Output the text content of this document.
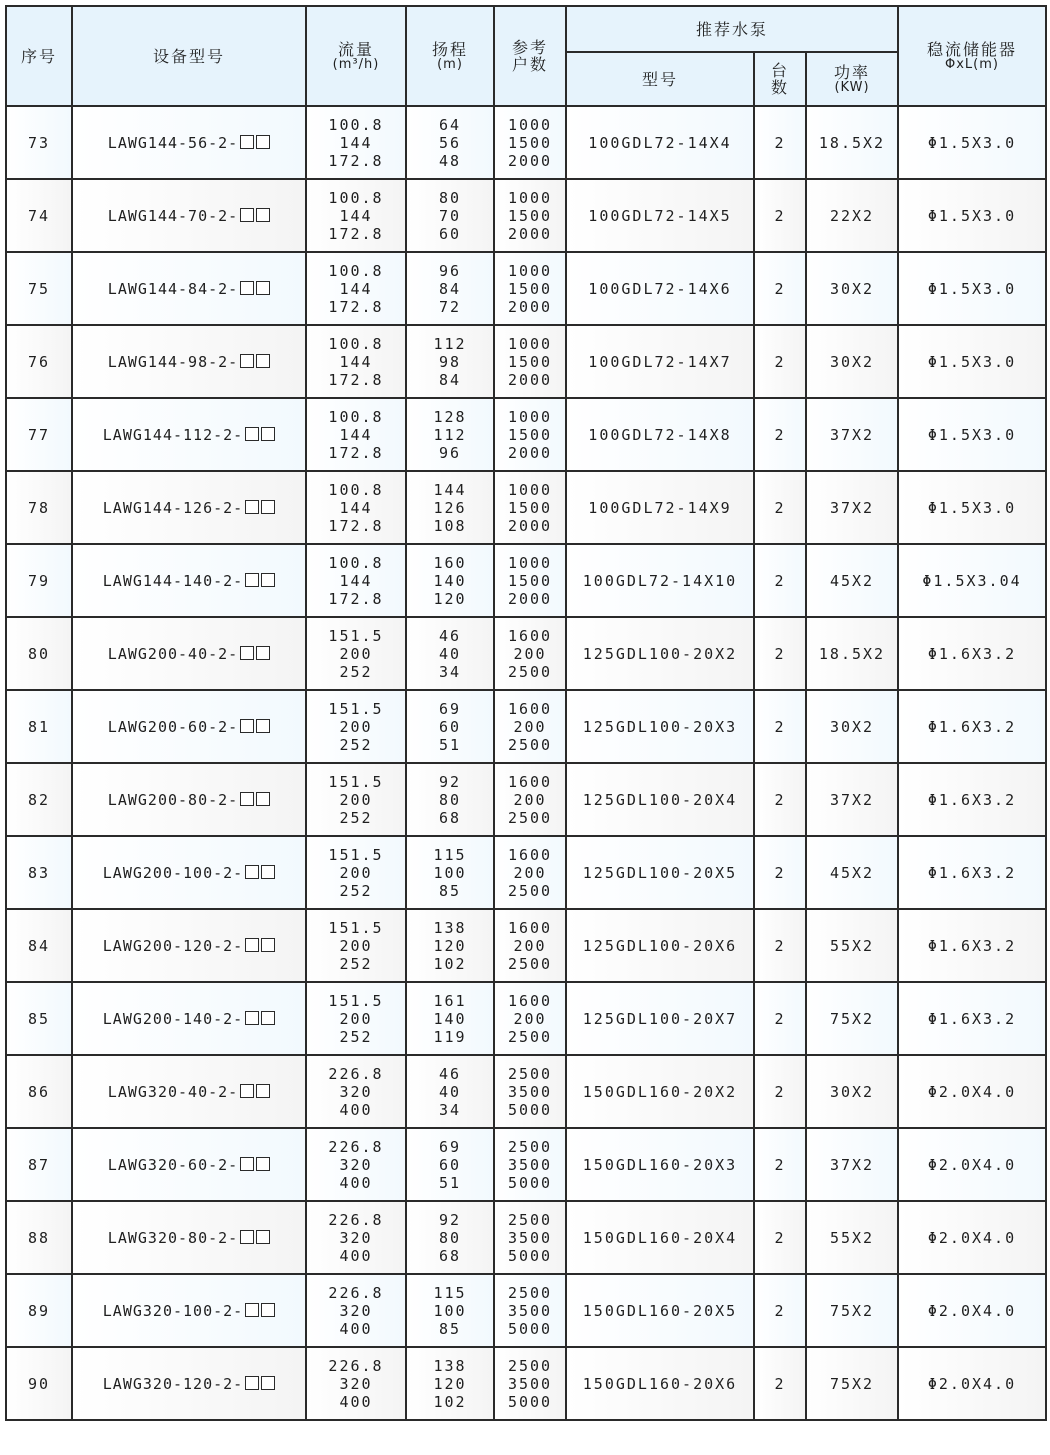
序号	设备型号	流量
(m³/h)	扬程
(m)	参考户数	推荐水泵			稳流储能器
ΦxL(m)

					型号	台数	功率
(KW)	

73	LAWG144-56-2-	100.8
144
172.8	64
56
48	1000
1500
2000	100GDL72-14X4	2	18.5X2	Φ1.5X3.0
74	LAWG144-70-2-	100.8
144
172.8	80
70
60	1000
1500
2000	100GDL72-14X5	2	22X2	Φ1.5X3.0
75	LAWG144-84-2-	100.8
144
172.8	96
84
72	1000
1500
2000	100GDL72-14X6	2	30X2	Φ1.5X3.0
76	LAWG144-98-2-	100.8
144
172.8	112
98
84	1000
1500
2000	100GDL72-14X7	2	30X2	Φ1.5X3.0
77	LAWG144-112-2-	100.8
144
172.8	128
112
96	1000
1500
2000	100GDL72-14X8	2	37X2	Φ1.5X3.0
78	LAWG144-126-2-	100.8
144
172.8	144
126
108	1000
1500
2000	100GDL72-14X9	2	37X2	Φ1.5X3.0
79	LAWG144-140-2-	100.8
144
172.8	160
140
120	1000
1500
2000	100GDL72-14X10	2	45X2	Φ1.5X3.04
80	LAWG200-40-2-	151.5
200
252	46
40
34	1600
200
2500	125GDL100-20X2	2	18.5X2	Φ1.6X3.2
81	LAWG200-60-2-	151.5
200
252	69
60
51	1600
200
2500	125GDL100-20X3	2	30X2	Φ1.6X3.2
82	LAWG200-80-2-	151.5
200
252	92
80
68	1600
200
2500	125GDL100-20X4	2	37X2	Φ1.6X3.2
83	LAWG200-100-2-	151.5
200
252	115
100
85	1600
200
2500	125GDL100-20X5	2	45X2	Φ1.6X3.2
84	LAWG200-120-2-	151.5
200
252	138
120
102	1600
200
2500	125GDL100-20X6	2	55X2	Φ1.6X3.2
85	LAWG200-140-2-	151.5
200
252	161
140
119	1600
200
2500	125GDL100-20X7	2	75X2	Φ1.6X3.2
86	LAWG320-40-2-	226.8
320
400	46
40
34	2500
3500
5000	150GDL160-20X2	2	30X2	Φ2.0X4.0
87	LAWG320-60-2-	226.8
320
400	69
60
51	2500
3500
5000	150GDL160-20X3	2	37X2	Φ2.0X4.0
88	LAWG320-80-2-	226.8
320
400	92
80
68	2500
3500
5000	150GDL160-20X4	2	55X2	Φ2.0X4.0
89	LAWG320-100-2-	226.8
320
400	115
100
85	2500
3500
5000	150GDL160-20X5	2	75X2	Φ2.0X4.0
90	LAWG320-120-2-	226.8
320
400	138
120
102	2500
3500
5000	150GDL160-20X6	2	75X2	Φ2.0X4.0
